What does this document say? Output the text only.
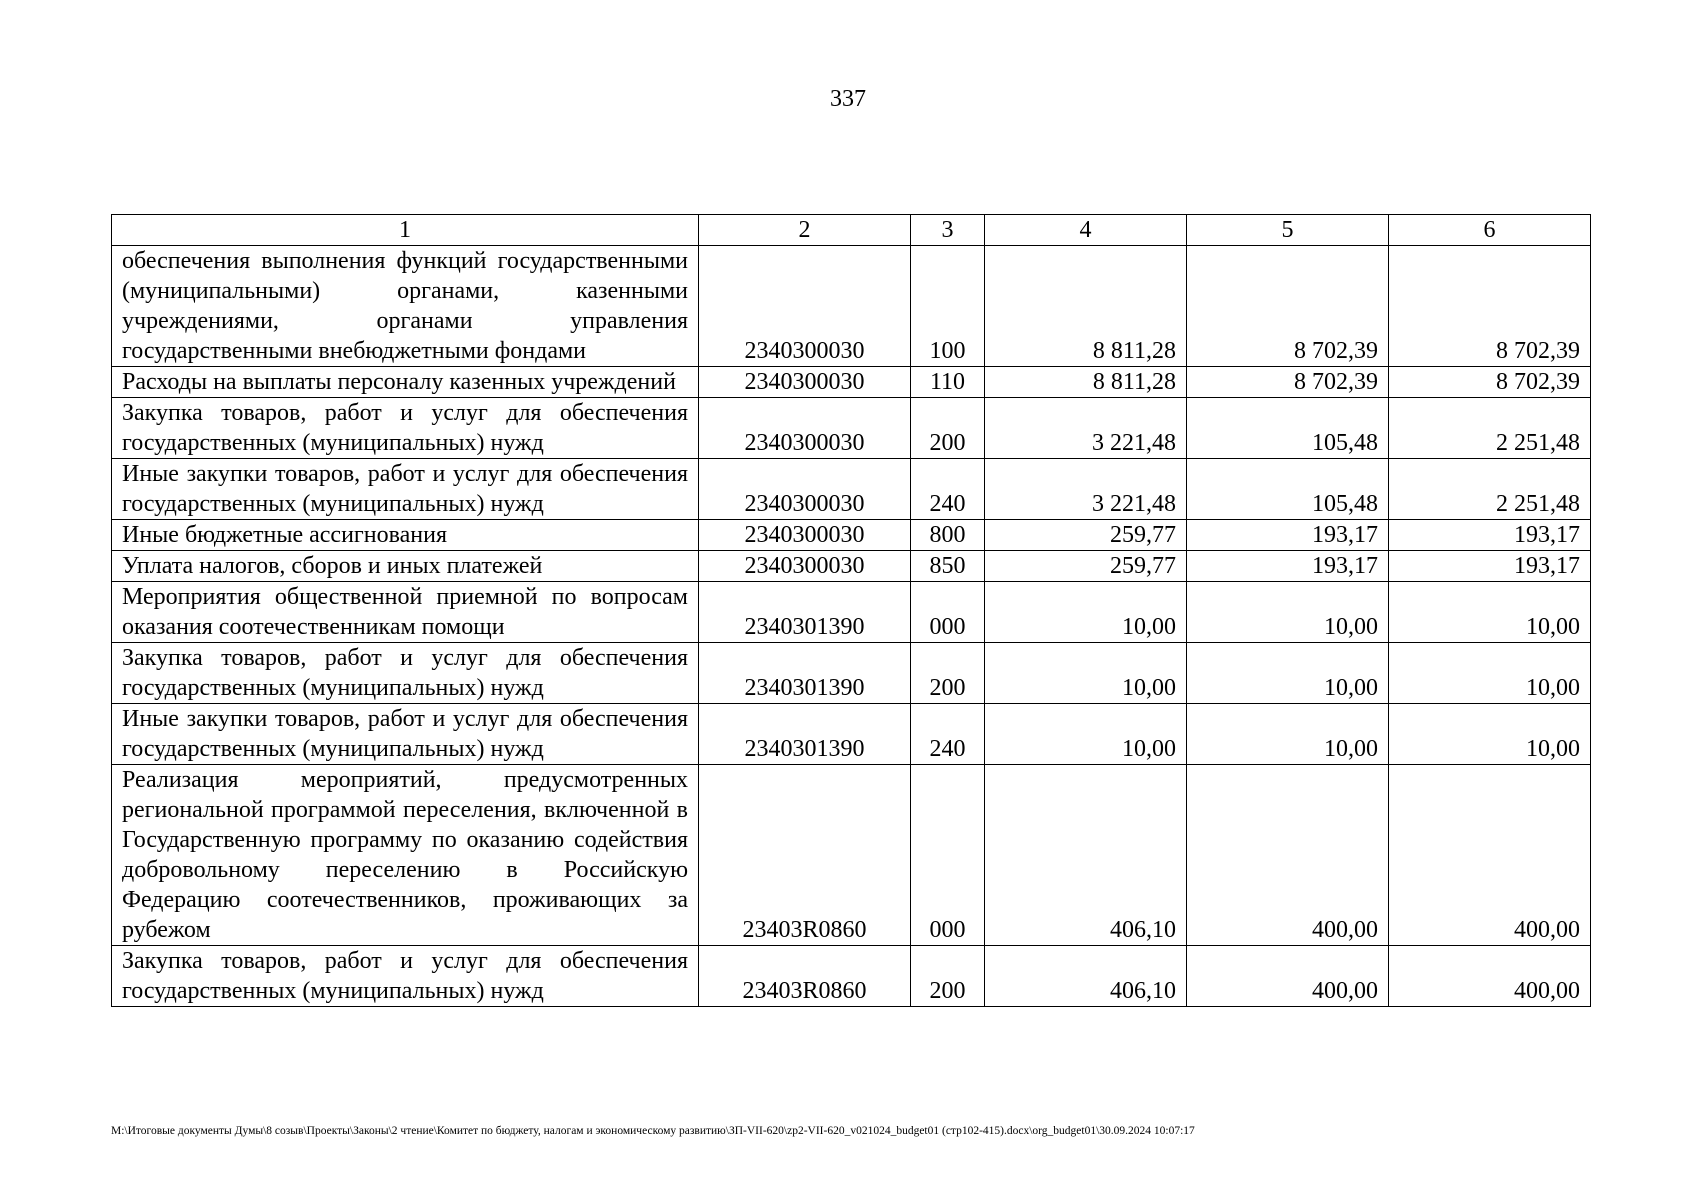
337
1	2	3	4	5	6
обеспечения выполнения функций государственными (муниципальными) органами, казенными учреждениями, органами управления государственными внебюджетными фондами	2340300030	100	8 811,28	8 702,39	8 702,39
Расходы на выплаты персоналу казенных учреждений	2340300030	110	8 811,28	8 702,39	8 702,39
Закупка товаров, работ и услуг для обеспечения государственных (муниципальных) нужд	2340300030	200	3 221,48	105,48	2 251,48
Иные закупки товаров, работ и услуг для обеспечения государственных (муниципальных) нужд	2340300030	240	3 221,48	105,48	2 251,48
Иные бюджетные ассигнования	2340300030	800	259,77	193,17	193,17
Уплата налогов, сборов и иных платежей	2340300030	850	259,77	193,17	193,17
Мероприятия общественной приемной по вопросам оказания соотечественникам помощи	2340301390	000	10,00	10,00	10,00
Закупка товаров, работ и услуг для обеспечения государственных (муниципальных) нужд	2340301390	200	10,00	10,00	10,00
Иные закупки товаров, работ и услуг для обеспечения государственных (муниципальных) нужд	2340301390	240	10,00	10,00	10,00
Реализация мероприятий, предусмотренных региональной программой переселения, включенной в Государственную программу по оказанию содействия добровольному переселению в Российскую Федерацию соотечественников, проживающих за рубежом	23403R0860	000	406,10	400,00	400,00
Закупка товаров, работ и услуг для обеспечения государственных (муниципальных) нужд	23403R0860	200	406,10	400,00	400,00
M:\Итоговые документы Думы\8 созыв\Проекты\Законы\2 чтение\Комитет по бюджету, налогам и экономическому развитию\ЗП-VII-620\zp2-VII-620_v021024_budget01 (стр102-415).docx\org_budget01\30.09.2024 10:07:17
